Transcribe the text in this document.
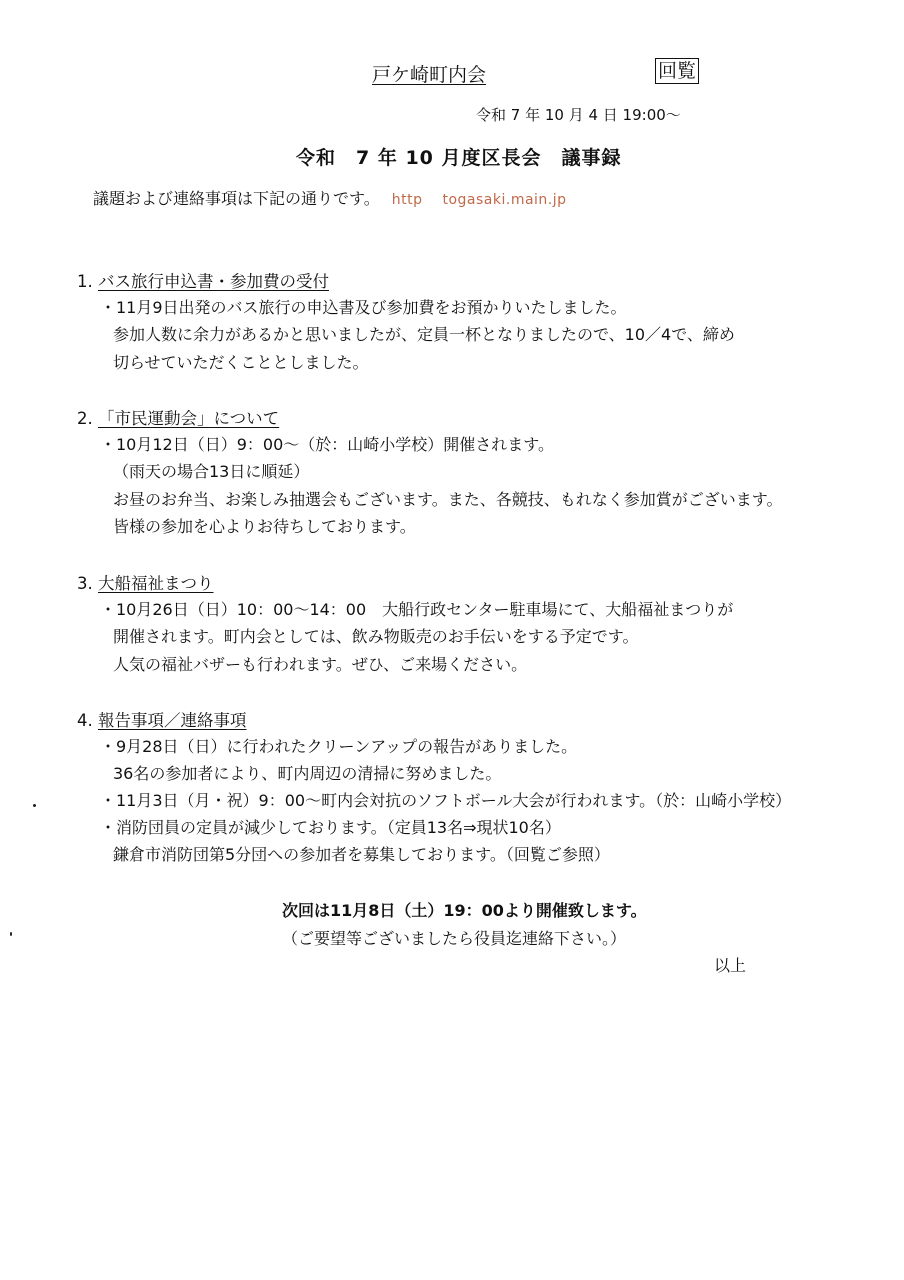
戸ケ崎町内会	回覧
令和 7 年 10 月 4 日 19:00～
令和　7 年 10 月度区長会　議事録
議題および連絡事項は下記の通りです。 http togasaki.main.jp
1. バス旅行申込書・参加費の受付
・11月9日出発のバス旅行の申込書及び参加費をお預かりいたしました。
参加人数に余力があるかと思いましたが、定員一杯となりましたので、10／4で、締め
切らせていただくこととしました。
2. 「市民運動会」について
・10月12日（日）9：00～（於：山崎小学校）開催されます。
（雨天の場合13日に順延）
お昼のお弁当、お楽しみ抽選会もございます。また、各競技、もれなく参加賞がございます。
皆様の参加を心よりお待ちしております。
3. 大船福祉まつり
・10月26日（日）10：00～14：00　大船行政センター駐車場にて、大船福祉まつりが
開催されます。町内会としては、飲み物販売のお手伝いをする予定です。
人気の福祉バザーも行われます。ぜひ、ご来場ください。
4. 報告事項／連絡事項
・9月28日（日）に行われたクリーンアップの報告がありました。
36名の参加者により、町内周辺の清掃に努めました。
・11月3日（月・祝）9：00～町内会対抗のソフトボール大会が行われます。（於：山崎小学校）
・消防団員の定員が減少しております。（定員13名⇒現状10名）
鎌倉市消防団第5分団への参加者を募集しております。（回覧ご参照）
次回は11月8日（土）19：00より開催致します。
（ご要望等ございましたら役員迄連絡下さい。）
以上
